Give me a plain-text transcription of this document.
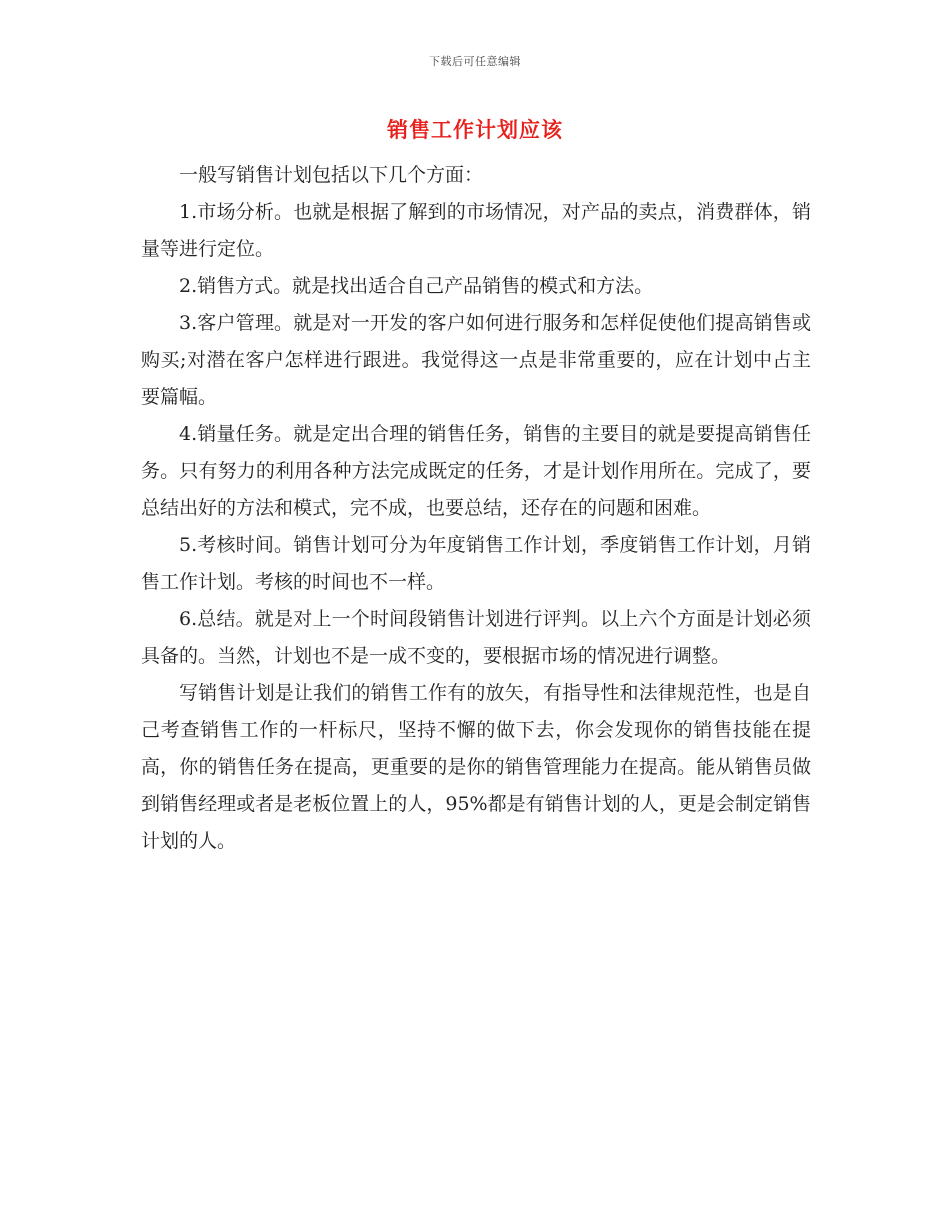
下载后可任意编辑
销售工作计划应该

一般写销售计划包括以下几个方面：

1.市场分析。也就是根据了解到的市场情况，对产品的卖点，消费群体，销量等进行定位。

2.销售方式。就是找出适合自己产品销售的模式和方法。

3.客户管理。就是对一开发的客户如何进行服务和怎样促使他们提高销售或购买;对潜在客户怎样进行跟进。我觉得这一点是非常重要的，应在计划中占主要篇幅。

4.销量任务。就是定出合理的销售任务，销售的主要目的就是要提高销售任务。只有努力的利用各种方法完成既定的任务，才是计划作用所在。完成了，要总结出好的方法和模式，完不成，也要总结，还存在的问题和困难。

5.考核时间。销售计划可分为年度销售工作计划，季度销售工作计划，月销售工作计划。考核的时间也不一样。

6.总结。就是对上一个时间段销售计划进行评判。以上六个方面是计划必须具备的。当然，计划也不是一成不变的，要根据市场的情况进行调整。

写销售计划是让我们的销售工作有的放矢，有指导性和法律规范性，也是自己考查销售工作的一杆标尺，坚持不懈的做下去，你会发现你的销售技能在提高，你的销售任务在提高，更重要的是你的销售管理能力在提高。能从销售员做到销售经理或者是老板位置上的人，95%都是有销售计划的人，更是会制定销售计划的人。
